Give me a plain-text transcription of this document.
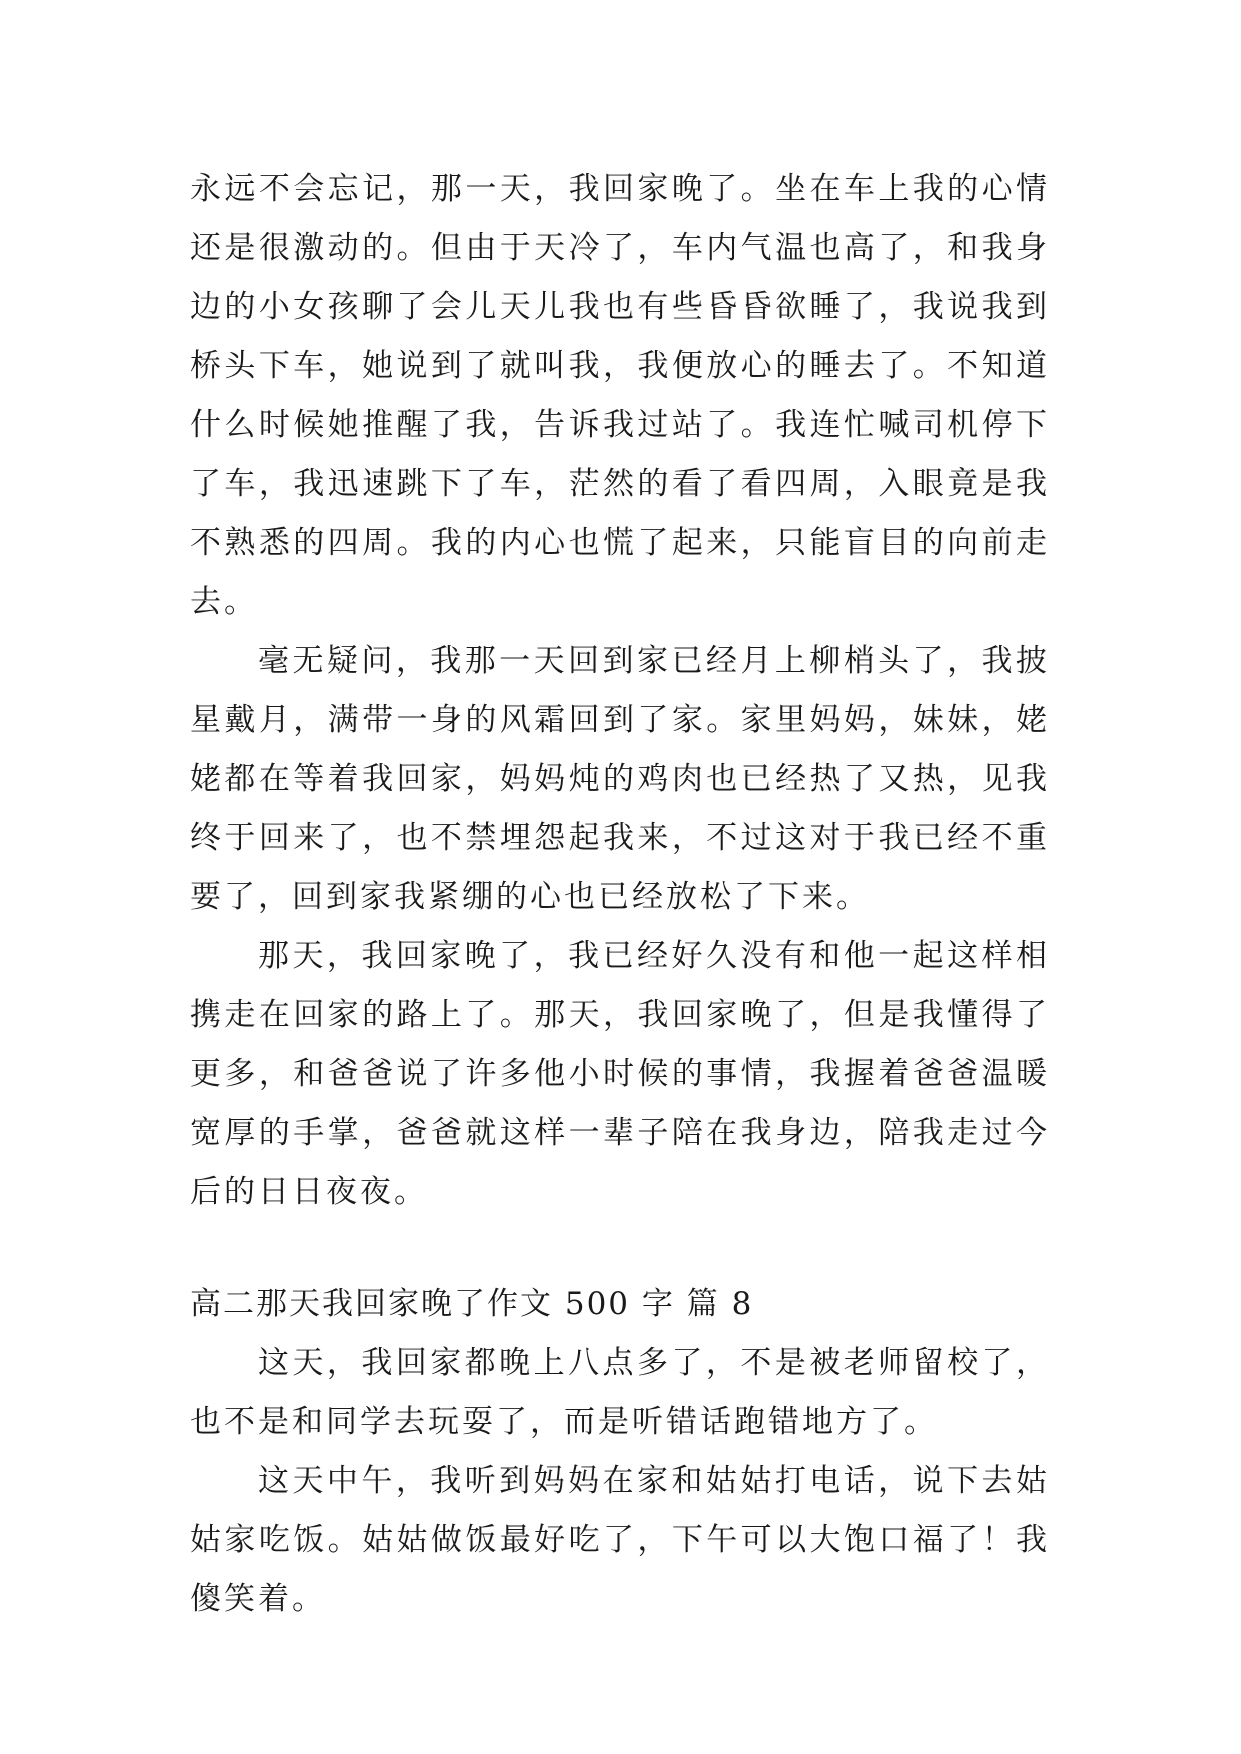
永远不会忘记，那一天，我回家晚了。坐在车上我的心情还是很激动的。但由于天冷了，车内气温也高了，和我身边的小女孩聊了会儿天儿我也有些昏昏欲睡了，我说我到桥头下车，她说到了就叫我，我便放心的睡去了。不知道什么时候她推醒了我，告诉我过站了。我连忙喊司机停下了车，我迅速跳下了车，茫然的看了看四周，入眼竟是我不熟悉的四周。我的内心也慌了起来，只能盲目的向前走去。

毫无疑问，我那一天回到家已经月上柳梢头了，我披星戴月，满带一身的风霜回到了家。家里妈妈，妹妹，姥姥都在等着我回家，妈妈炖的鸡肉也已经热了又热，见我终于回来了，也不禁埋怨起我来，不过这对于我已经不重要了，回到家我紧绷的心也已经放松了下来。

那天，我回家晚了，我已经好久没有和他一起这样相携走在回家的路上了。那天，我回家晚了，但是我懂得了更多，和爸爸说了许多他小时候的事情，我握着爸爸温暖宽厚的手掌，爸爸就这样一辈子陪在我身边，陪我走过今后的日日夜夜。

高二那天我回家晚了作文 500 字 篇 8

这天，我回家都晚上八点多了，不是被老师留校了，也不是和同学去玩耍了，而是听错话跑错地方了。

这天中午，我听到妈妈在家和姑姑打电话，说下去姑姑家吃饭。姑姑做饭最好吃了，下午可以大饱口福了！我傻笑着。
